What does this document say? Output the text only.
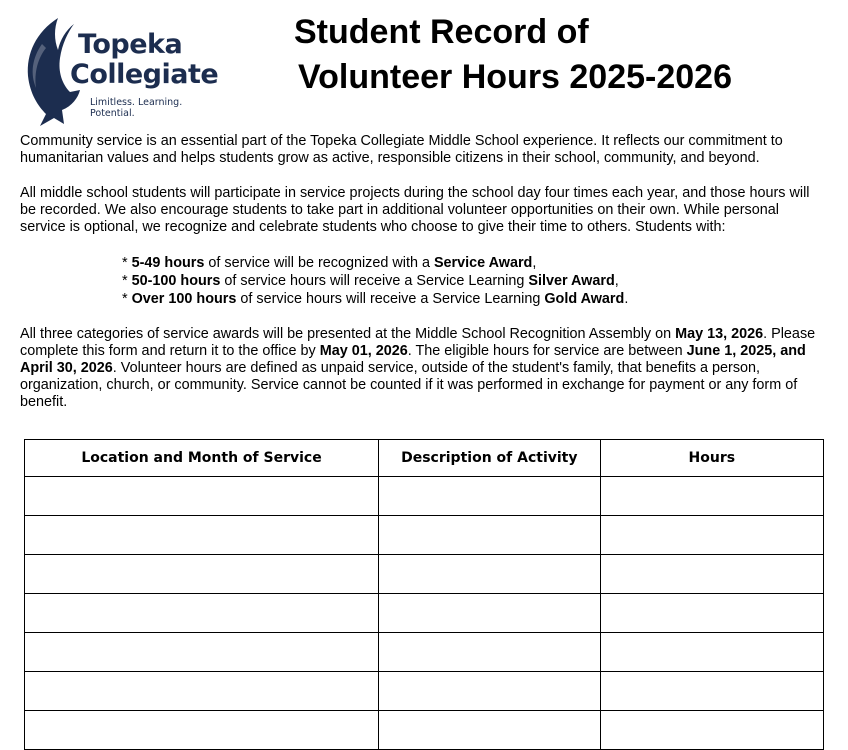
Topeka
Collegiate
Limitless. Learning. Potential.
Student Record of
Volunteer Hours 2025-2026

Community service is an essential part of the Topeka Collegiate Middle School experience. It reflects our commitment to humanitarian values and helps students grow as active, responsible citizens in their school, community, and beyond.

All middle school students will participate in service projects during the school day four times each year, and those hours will be recorded. We also encourage students to take part in additional volunteer opportunities on their own. While personal service is optional, we recognize and celebrate students who choose to give their time to others. Students with:

* 5-49 hours of service will be recognized with a Service Award,
* 50-100 hours of service hours will receive a Service Learning Silver Award,
* Over 100 hours of service hours will receive a Service Learning Gold Award.

All three categories of service awards will be presented at the Middle School Recognition Assembly on May 13, 2026. Please complete this form and return it to the office by May 01, 2026. The eligible hours for service are between June 1, 2025, and April 30, 2026. Volunteer hours are defined as unpaid service, outside of the student's family, that benefits a person, organization, church, or community. Service cannot be counted if it was performed in exchange for payment or any form of benefit.

Location and Month of Service	Description of Activity	Hours
